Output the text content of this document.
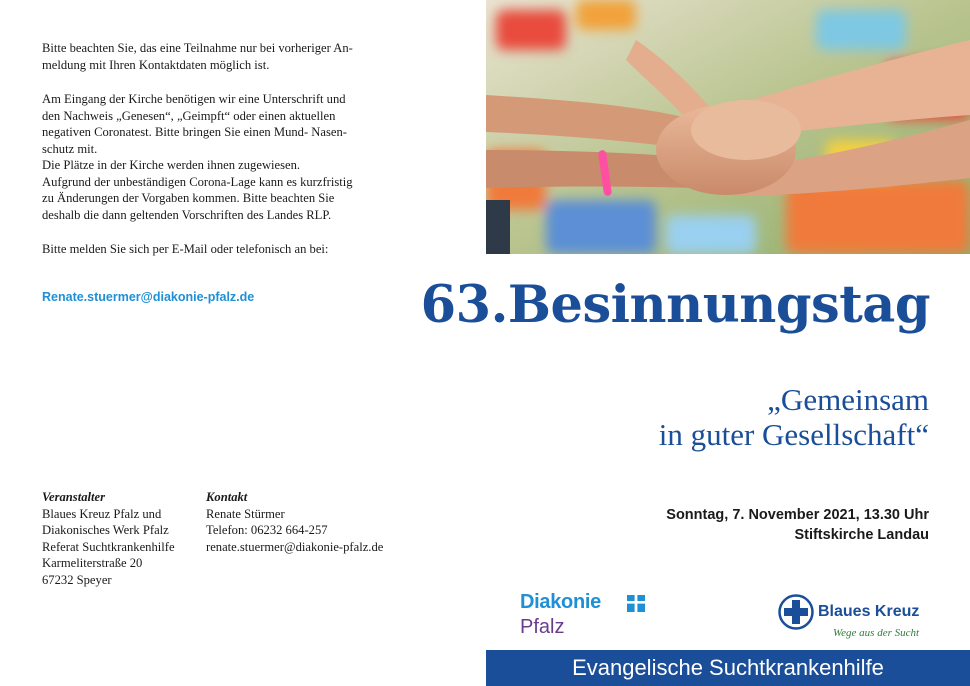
Bitte beachten Sie, das eine Teilnahme nur bei vorheriger An-
meldung mit Ihren Kontaktdaten möglich ist.

Am Eingang der Kirche benötigen wir eine Unterschrift und
den Nachweis „Genesen“, „Geimpft“ oder einen aktuellen
negativen Coronatest. Bitte bringen Sie einen Mund- Nasen-
schutz mit.
Die Plätze in der Kirche werden ihnen zugewiesen.
Aufgrund der unbeständigen Corona-Lage kann es kurzfristig
zu Änderungen der Vorgaben kommen. Bitte beachten Sie
deshalb die dann geltenden Vorschriften des Landes RLP.

Bitte melden Sie sich per E-Mail oder telefonisch an bei:

Renate.stuermer@diakonie-pfalz.de
Veranstalter
Blaues Kreuz Pfalz und
Diakonisches Werk Pfalz
Referat Suchtkrankenhilfe
Karmeliterstraße 20
67232 Speyer
Kontakt
Renate Stürmer
Telefon: 06232 664-257
renate.stuermer@diakonie-pfalz.de
63.Besinnungstag
„Gemeinsam
in guter Gesellschaft“
Sonntag, 7. November 2021, 13.30 Uhr
Stiftskirche Landau
Diakonie
Pfalz
Blaues Kreuz
Wege aus der Sucht
Evangelische Suchtkrankenhilfe
